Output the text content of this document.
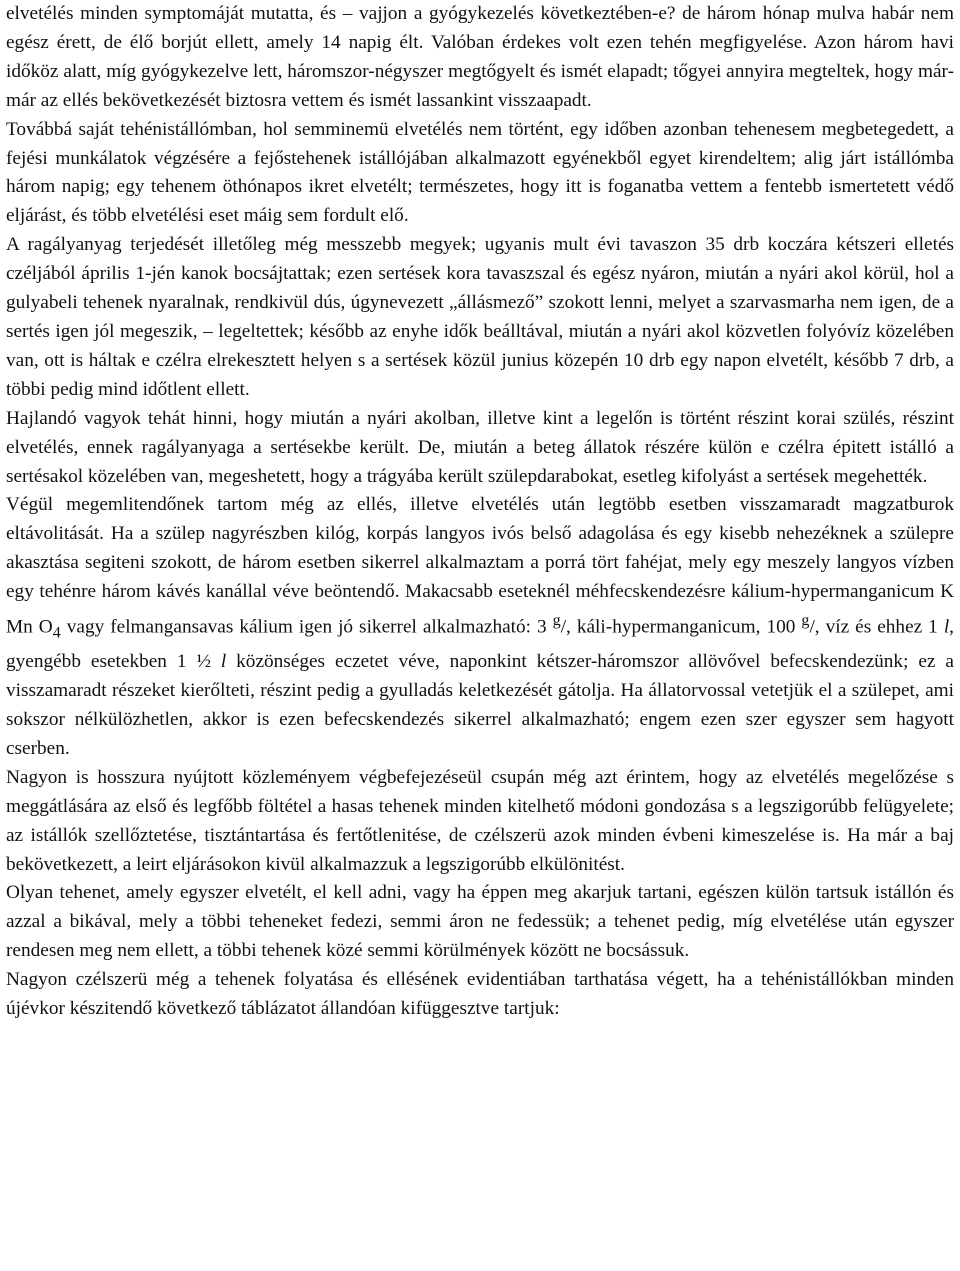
elvetélés minden symptomáját mutatta, és – vajjon a gyógykezelés következtében-e? de három hónap mulva habár nem egész érett, de élő borjút ellett, amely 14 napig élt. Valóban érdekes volt ezen tehén megfigyelése. Azon három havi időköz alatt, míg gyógykezelve lett, háromszor-négyszer megtőgyelt és ismét elapadt; tőgyei annyira megteltek, hogy már-már az ellés bekövetkezését biztosra vettem és ismét lassankint visszaapadt.

Továbbá saját tehénistállómban, hol semminemü elvetélés nem történt, egy időben azonban tehenesem megbetegedett, a fejési munkálatok végzésére a fejőstehenek istállójában alkalmazott egyénekből egyet kirendeltem; alig járt istállómba három napig; egy tehenem öthónapos ikret elvetélt; természetes, hogy itt is foganatba vettem a fentebb ismertetett védő eljárást, és több elvetélési eset máig sem fordult elő.

A ragályanyag terjedését illetőleg még messzebb megyek; ugyanis mult évi tavaszon 35 drb koczára kétszeri elletés czéljából április 1-jén kanok bocsájtattak; ezen sertések kora tavaszszal és egész nyáron, miután a nyári akol körül, hol a gulyabeli tehenek nyaralnak, rendkivül dús, úgynevezett „állásmező” szokott lenni, melyet a szarvasmarha nem igen, de a sertés igen jól megeszik, – legeltettek; később az enyhe idők beálltával, miután a nyári akol közvetlen folyóvíz közelében van, ott is háltak e czélra elrekesztett helyen s a sertések közül junius közepén 10 drb egy napon elvetélt, később 7 drb, a többi pedig mind időtlent ellett.

Hajlandó vagyok tehát hinni, hogy miután a nyári akolban, illetve kint a legelőn is történt részint korai szülés, részint elvetélés, ennek ragályanyaga a sertésekbe került. De, miután a beteg állatok részére külön e czélra épitett istálló a sertésakol közelében van, megeshetett, hogy a trágyába került szülepdarabokat, esetleg kifolyást a sertések megehették.

Végül megemlitendőnek tartom még az ellés, illetve elvetélés után legtöbb esetben visszamaradt magzatburok eltávolitását. Ha a szülep nagyrészben kilóg, korpás langyos ivós belső adagolása és egy kisebb nehezéknek a szülepre akasztása segiteni szokott, de három esetben sikerrel alkalmaztam a porrá tört fahéjat, mely egy meszely langyos vízben egy tehénre három kávés kanállal véve beöntendő. Makacsabb eseteknél méhfecskendezésre kálium-hypermanganicum K Mn $O_4$ vagy felmangansavas kálium igen jó sikerrel alkalmazható: 3 $^g$/, káli-hypermanganicum, 100 $^g$/, víz és ehhez 1 l, gyengébb esetekben 1 ½ l közönséges eczetet véve, naponkint kétszer-háromszor allövővel befecskendezünk; ez a visszamaradt részeket kierőlteti, részint pedig a gyulladás keletkezését gátolja. Ha állatorvossal vetetjük el a szülepet, ami sokszor nélkülözhetlen, akkor is ezen befecskendezés sikerrel alkalmazható; engem ezen szer egyszer sem hagyott cserben.

Nagyon is hosszura nyújtott közleményem végbefejezéseül csupán még azt érintem, hogy az elvetélés megelőzése s meggátlására az első és legfőbb föltétel a hasas tehenek minden kitelhető módoni gondozása s a legszigorúbb felügyelete; az istállók szellőztetése, tisztántartása és fertőtlenitése, de czélszerü azok minden évbeni kimeszelése is. Ha már a baj bekövetkezett, a leirt eljárásokon kivül alkalmazzuk a legszigorúbb elkülönitést.

Olyan tehenet, amely egyszer elvetélt, el kell adni, vagy ha éppen meg akarjuk tartani, egészen külön tartsuk istállón és azzal a bikával, mely a többi teheneket fedezi, semmi áron ne fedessük; a tehenet pedig, míg elvetélése után egyszer rendesen meg nem ellett, a többi tehenek közé semmi körülmények között ne bocsássuk.

Nagyon czélszerü még a tehenek folyatása és ellésének evidentiában tarthatása végett, ha a tehénistállókban minden újévkor készitendő következő táblázatot állandóan kifüggesztve tartjuk:
